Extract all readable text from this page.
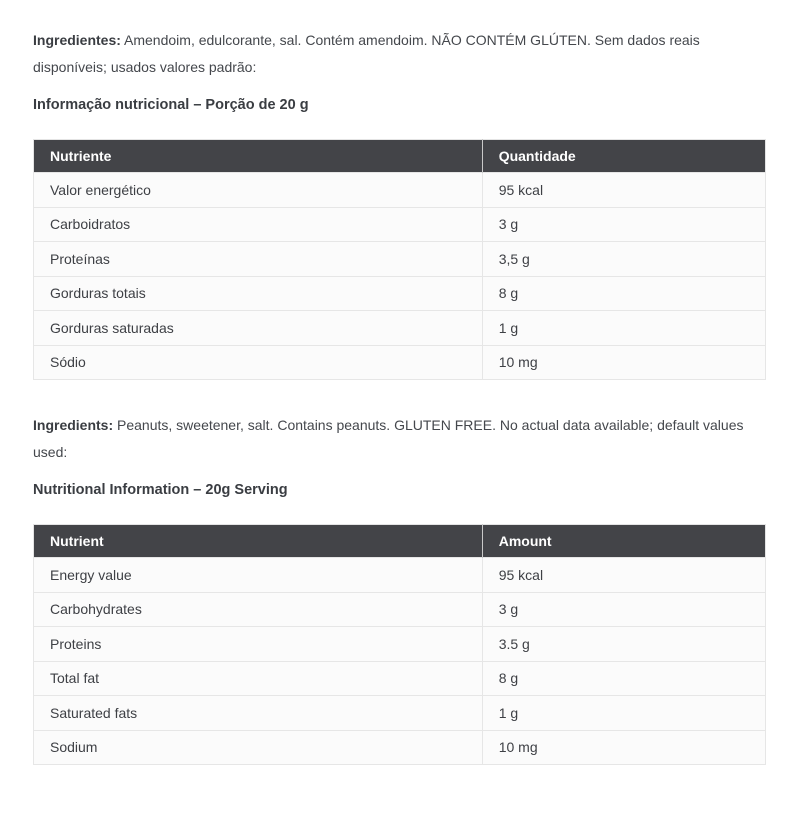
Ingredientes: Amendoim, edulcorante, sal. Contém amendoim. NÃO CONTÉM GLÚTEN. Sem dados reais disponíveis; usados valores padrão:

Informação nutricional – Porção de 20 g
Nutriente	Quantidade
Valor energético	95 kcal
Carboidratos	3 g
Proteínas	3,5 g
Gorduras totais	8 g
Gorduras saturadas	1 g
Sódio	10 mg

Ingredients: Peanuts, sweetener, salt. Contains peanuts. GLUTEN FREE. No actual data available; default values used:

Nutritional Information – 20g Serving
Nutrient	Amount
Energy value	95 kcal
Carbohydrates	3 g
Proteins	3.5 g
Total fat	8 g
Saturated fats	1 g
Sodium	10 mg
